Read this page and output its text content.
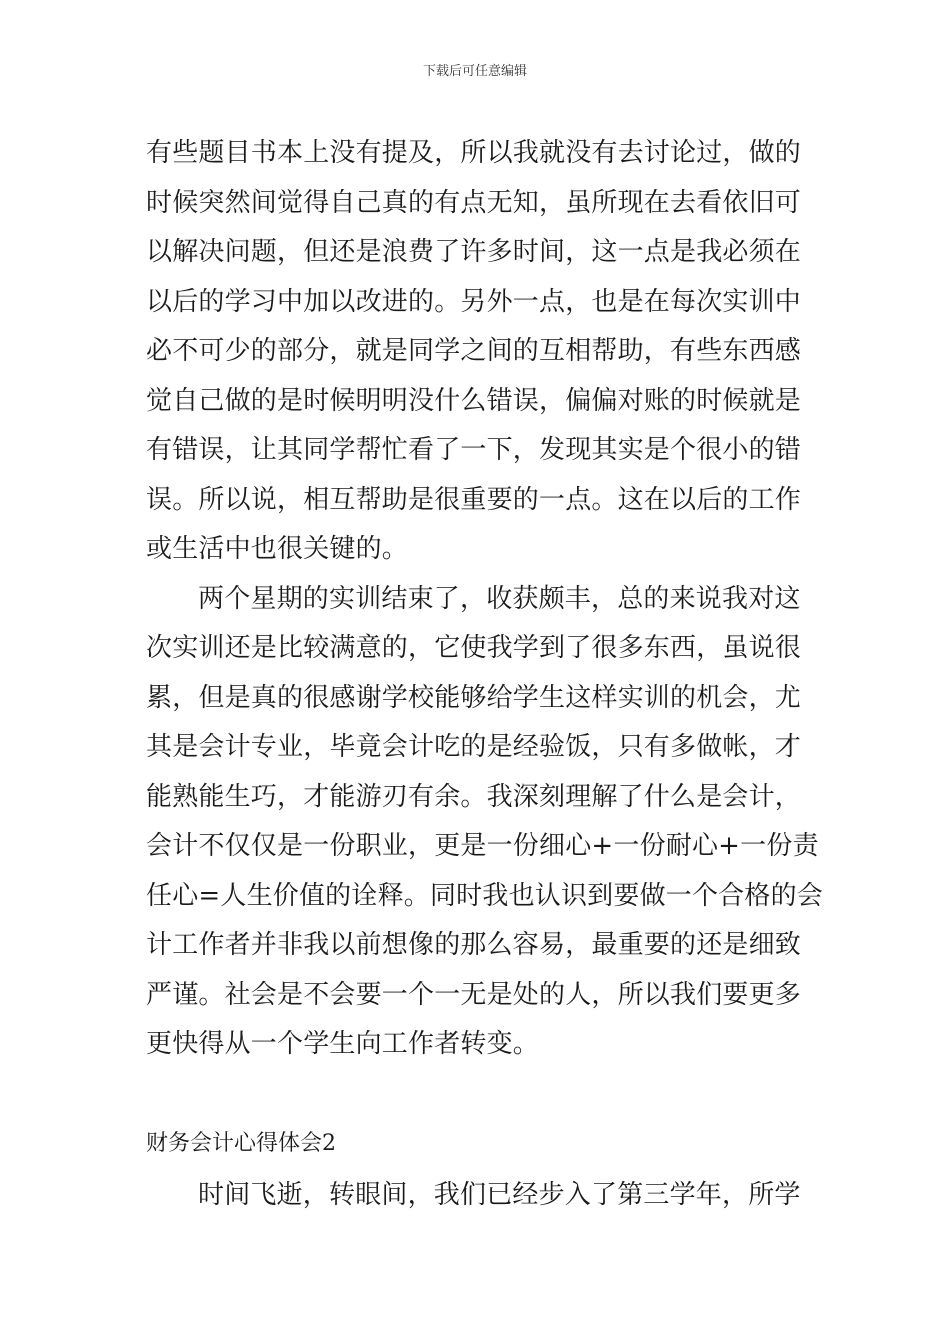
下载后可任意编辑
有些题目书本上没有提及，所以我就没有去讨论过，做的
时候突然间觉得自己真的有点无知，虽所现在去看依旧可
以解决问题，但还是浪费了许多时间，这一点是我必须在
以后的学习中加以改进的。另外一点，也是在每次实训中
必不可少的部分，就是同学之间的互相帮助，有些东西感
觉自己做的是时候明明没什么错误，偏偏对账的时候就是
有错误，让其同学帮忙看了一下，发现其实是个很小的错
误。所以说，相互帮助是很重要的一点。这在以后的工作
或生活中也很关键的。
两个星期的实训结束了，收获颇丰，总的来说我对这
次实训还是比较满意的，它使我学到了很多东西，虽说很
累，但是真的很感谢学校能够给学生这样实训的机会，尤
其是会计专业，毕竟会计吃的是经验饭，只有多做帐，才
能熟能生巧，才能游刃有余。我深刻理解了什么是会计，
会计不仅仅是一份职业，更是一份细心+一份耐心+一份责
任心=人生价值的诠释。同时我也认识到要做一个合格的会
计工作者并非我以前想像的那么容易，最重要的还是细致
严谨。社会是不会要一个一无是处的人，所以我们要更多
更快得从一个学生向工作者转变。
财务会计心得体会2
时间飞逝，转眼间，我们已经步入了第三学年，所学
